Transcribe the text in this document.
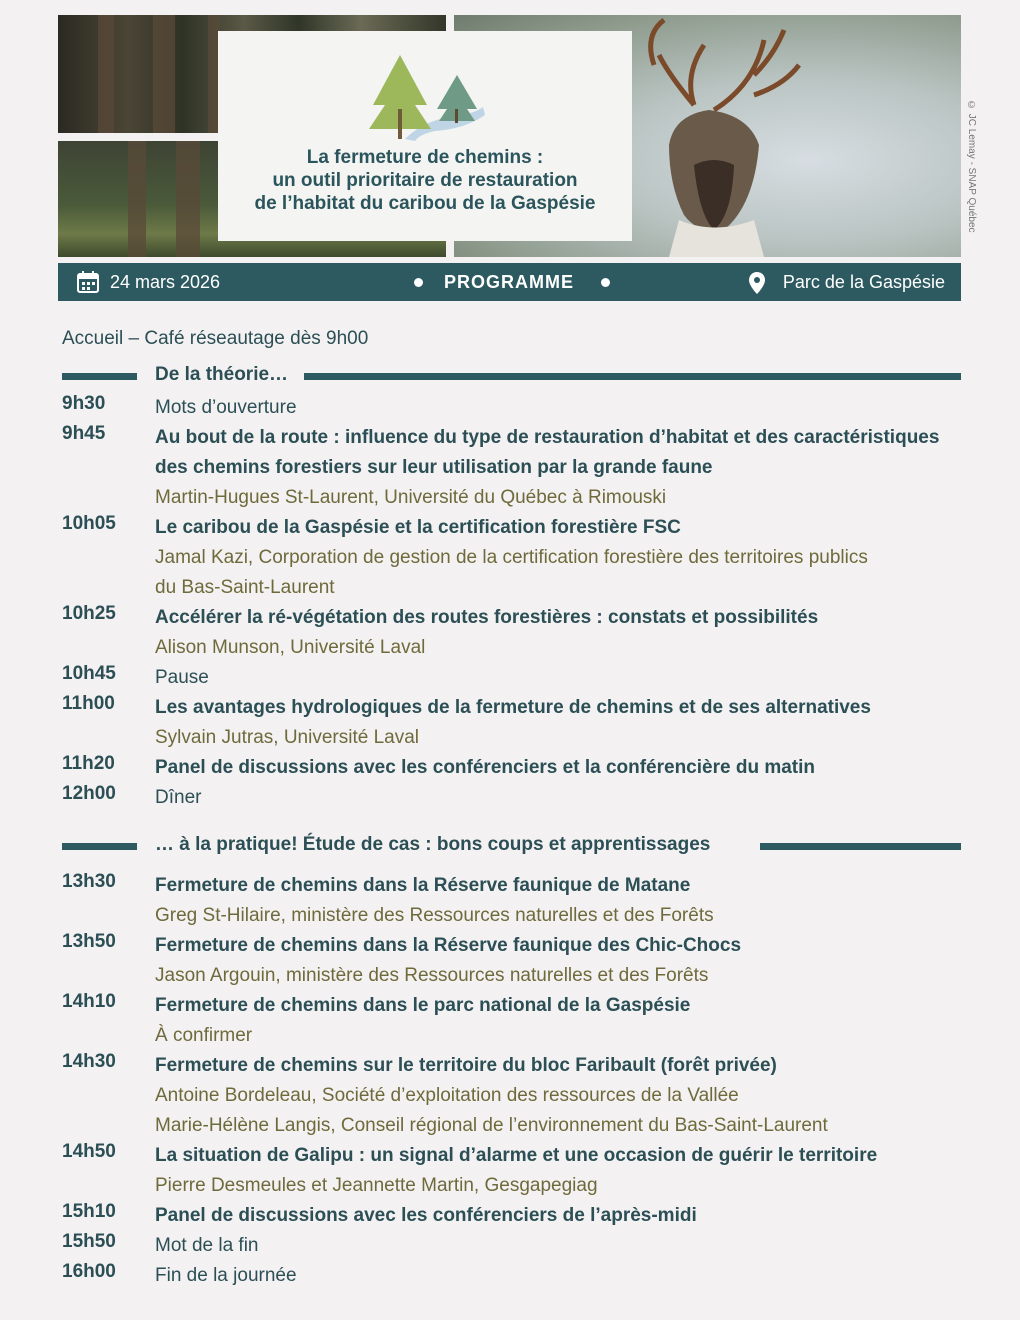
La fermeture de chemins :
un outil prioritaire de restauration
de l’habitat du caribou de la Gaspésie	© JC Lemay - SNAP Québec
24 mars 2026	PROGRAMME	Parc de la Gaspésie
Accueil – Café réseautage dès 9h00
De la théorie…
9h30	Mots d’ouverture
9h45	Au bout de la route : influence du type de restauration d’habitat et des caractéristiques
des chemins forestiers sur leur utilisation par la grande faune
Martin-Hugues St-Laurent, Université du Québec à Rimouski
10h05 Le caribou de la Gaspésie et la certification forestière FSC
Jamal Kazi, Corporation de gestion de la certification forestière des territoires publics
du Bas-Saint-Laurent
10h25 Accélérer la ré-végétation des routes forestières : constats et possibilités
Alison Munson, Université Laval
10h45 Pause
11h00 Les avantages hydrologiques de la fermeture de chemins et de ses alternatives
Sylvain Jutras, Université Laval
11h20 Panel de discussions avec les conférenciers et la conférencière du matin
12h00 Dîner
… à la pratique! Étude de cas : bons coups et apprentissages
13h30 Fermeture de chemins dans la Réserve faunique de Matane
Greg St-Hilaire, ministère des Ressources naturelles et des Forêts
13h50 Fermeture de chemins dans la Réserve faunique des Chic-Chocs
Jason Argouin, ministère des Ressources naturelles et des Forêts
14h10 Fermeture de chemins dans le parc national de la Gaspésie
À confirmer
14h30 Fermeture de chemins sur le territoire du bloc Faribault (forêt privée)
Antoine Bordeleau, Société d’exploitation des ressources de la Vallée
Marie-Hélène Langis, Conseil régional de l’environnement du Bas-Saint-Laurent
14h50 La situation de Galipu : un signal d’alarme et une occasion de guérir le territoire
Pierre Desmeules et Jeannette Martin, Gesgapegiag
15h10 Panel de discussions avec les conférenciers de l’après-midi
15h50 Mot de la fin
16h00 Fin de la journée
